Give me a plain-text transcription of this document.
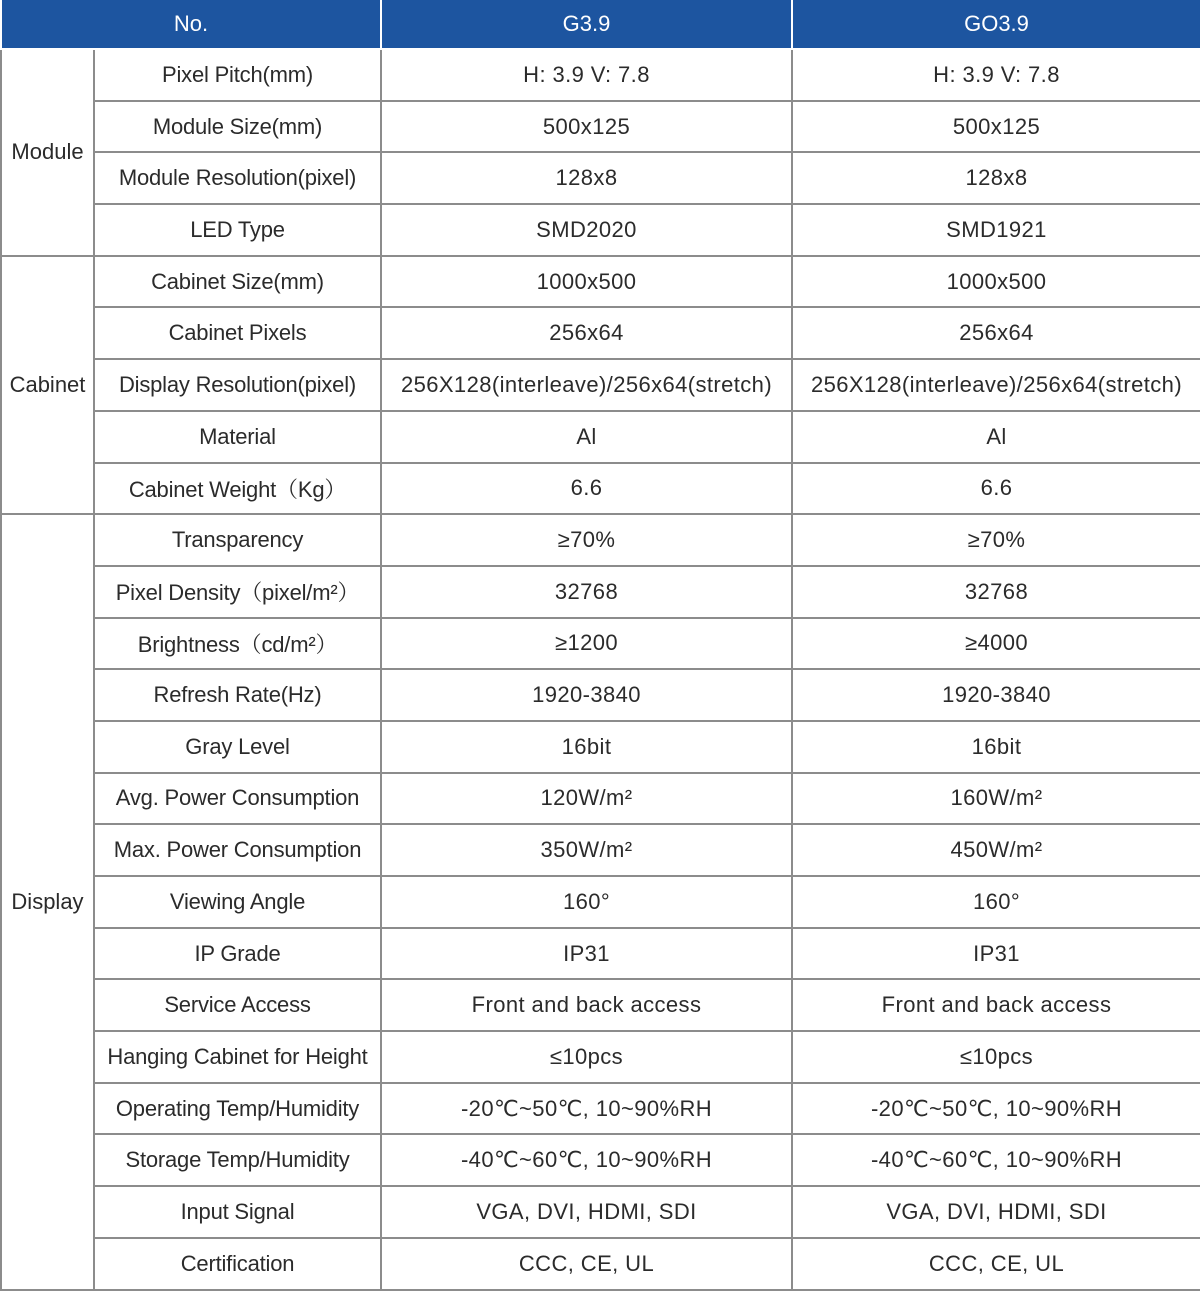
No.		G3.9	GO3.9
Module	Pixel Pitch(mm)	H: 3.9 V: 7.8	H: 3.9 V: 7.8
	Module Size(mm)	500x125	500x125
	Module Resolution(pixel)	128x8	128x8
	LED Type	SMD2020	SMD1921
Cabinet	Cabinet Size(mm)	1000x500	1000x500
	Cabinet Pixels	256x64	256x64
	Display Resolution(pixel)	256X128(interleave)/256x64(stretch)	256X128(interleave)/256x64(stretch)
	Material	Al	Al
	Cabinet Weight（Kg）	6.6	6.6
Display	Transparency	≥70%	≥70%
	Pixel Density（pixel/m²）	32768	32768
	Brightness（cd/m²）	≥1200	≥4000
	Refresh Rate(Hz)	1920-3840	1920-3840
	Gray Level	16bit	16bit
	Avg. Power Consumption	120W/m²	160W/m²
	Max. Power Consumption	350W/m²	450W/m²
	Viewing Angle	160°	160°
	IP Grade	IP31	IP31
	Service Access	Front and back access	Front and back access
	Hanging Cabinet for Height	≤10pcs	≤10pcs
	Operating Temp/Humidity	-20℃~50℃, 10~90%RH	-20℃~50℃, 10~90%RH
	Storage Temp/Humidity	-40℃~60℃, 10~90%RH	-40℃~60℃, 10~90%RH
	Input Signal	VGA, DVI, HDMI, SDI	VGA, DVI, HDMI, SDI
	Certification	CCC, CE, UL	CCC, CE, UL
